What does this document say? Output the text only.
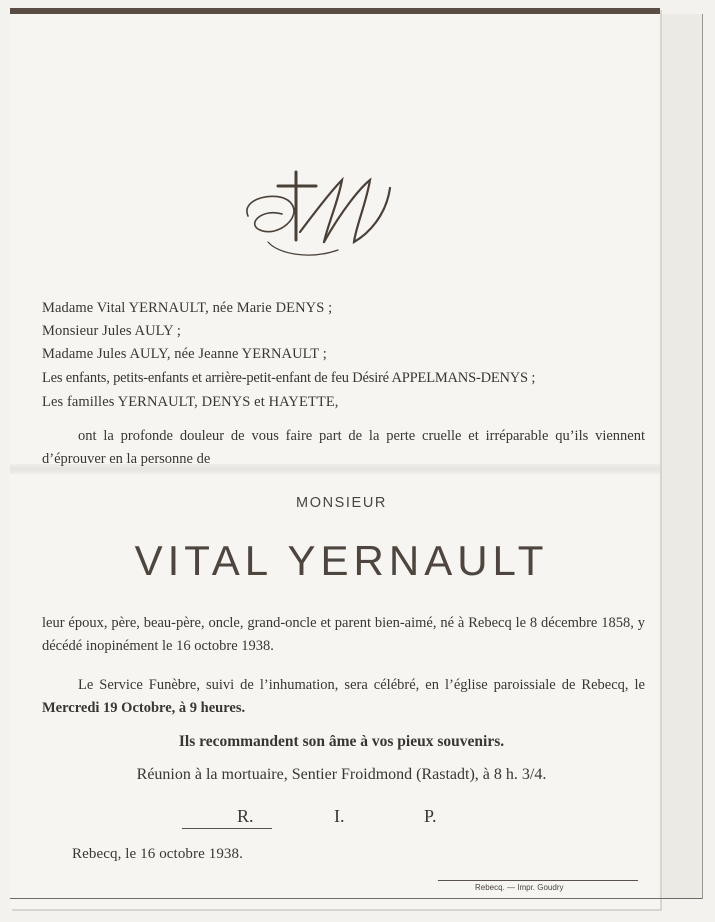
Madame Vital YERNAULT, née Marie DENYS ;
Monsieur Jules AULY ;
Madame Jules AULY, née Jeanne YERNAULT ;
Les enfants, petits-enfants et arrière-petit-enfant de feu Désiré APPELMANS-DENYS ;
Les familles YERNAULT, DENYS et HAYETTE,
ont la profonde douleur de vous faire part de la perte cruelle et irréparable qu’ils viennent d’éprouver en la personne de
MONSIEUR
VITAL YERNAULT
leur époux, père, beau-père, oncle, grand-oncle et parent bien-aimé, né à Rebecq le 8 décembre 1858, y décédé inopinément le 16 octobre 1938.
Le Service Funèbre, suivi de l’inhumation, sera célébré, en l’église paroissiale de Rebecq, le Mercredi 19 Octobre, à 9 heures.
Ils recommandent son âme à vos pieux souvenirs.
Réunion à la mortuaire, Sentier Froidmond (Rastadt), à 8 h. 3/4.
R.	I.	P.
Rebecq, le 16 octobre 1938.
Rebecq. — Impr. Goudry
